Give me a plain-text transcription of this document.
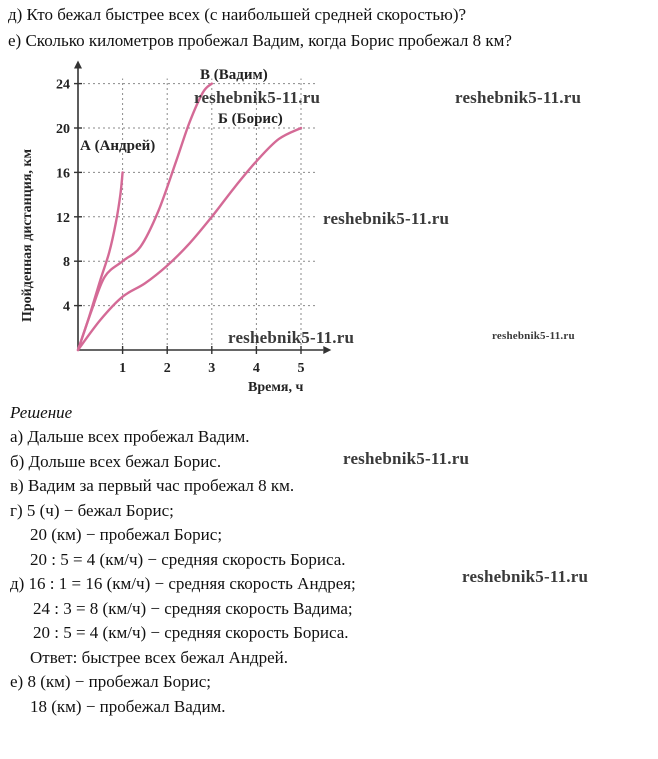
д) Кто бежал быстрее всех (с наибольшей средней скоростью)?
е) Сколько километров пробежал Вадим, когда Борис пробежал 8 км?
1	2	3	4	5
4
8
12
16
20
24
А (Андрей)
В (Вадим)
Б (Борис)
Время, ч
Пройденная дистанция, км
reshebnik5-11.ru	reshebnik5-11.ru
reshebnik5-11.ru
reshebnik5-11.ru	reshebnik5-11.ru
reshebnik5-11.ru
reshebnik5-11.ru
Решение
а) Дальше всех пробежал Вадим.
б) Дольше всех бежал Борис.
в) Вадим за первый час пробежал 8 км.
г) 5 (ч) − бежал Борис;
20 (км) − пробежал Борис;
20 : 5 = 4 (км/ч) − средняя скорость Бориса.
д) 16 : 1 = 16 (км/ч) − средняя скорость Андрея;
24 : 3 = 8 (км/ч) − средняя скорость Вадима;
20 : 5 = 4 (км/ч) − средняя скорость Бориса.
Ответ: быстрее всех бежал Андрей.
е) 8 (км) − пробежал Борис;
18 (км) − пробежал Вадим.
